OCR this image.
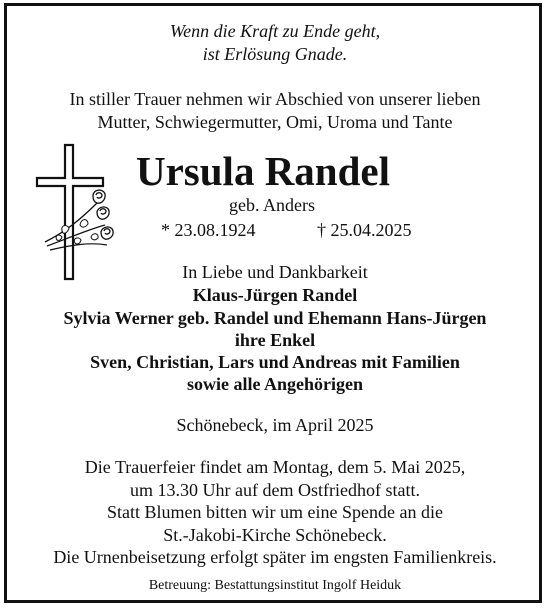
Wenn die Kraft zu Ende geht,
ist Erlösung Gnade.
In stiller Trauer nehmen wir Abschied von unserer lieben
Mutter, Schwiegermutter, Omi, Uroma und Tante
Ursula Randel
geb. Anders
* 23.08.1924	† 25.04.2025
In Liebe und Dankbarkeit
Klaus-Jürgen Randel
Sylvia Werner geb. Randel und Ehemann Hans-Jürgen
ihre Enkel
Sven, Christian, Lars und Andreas mit Familien
sowie alle Angehörigen
Schönebeck, im April 2025
Die Trauerfeier findet am Montag, dem 5. Mai 2025,
um 13.30 Uhr auf dem Ostfriedhof statt.
Statt Blumen bitten wir um eine Spende an die
St.-Jakobi-Kirche Schönebeck.
Die Urnenbeisetzung erfolgt später im engsten Familienkreis.
Betreuung: Bestattungsinstitut Ingolf Heiduk
